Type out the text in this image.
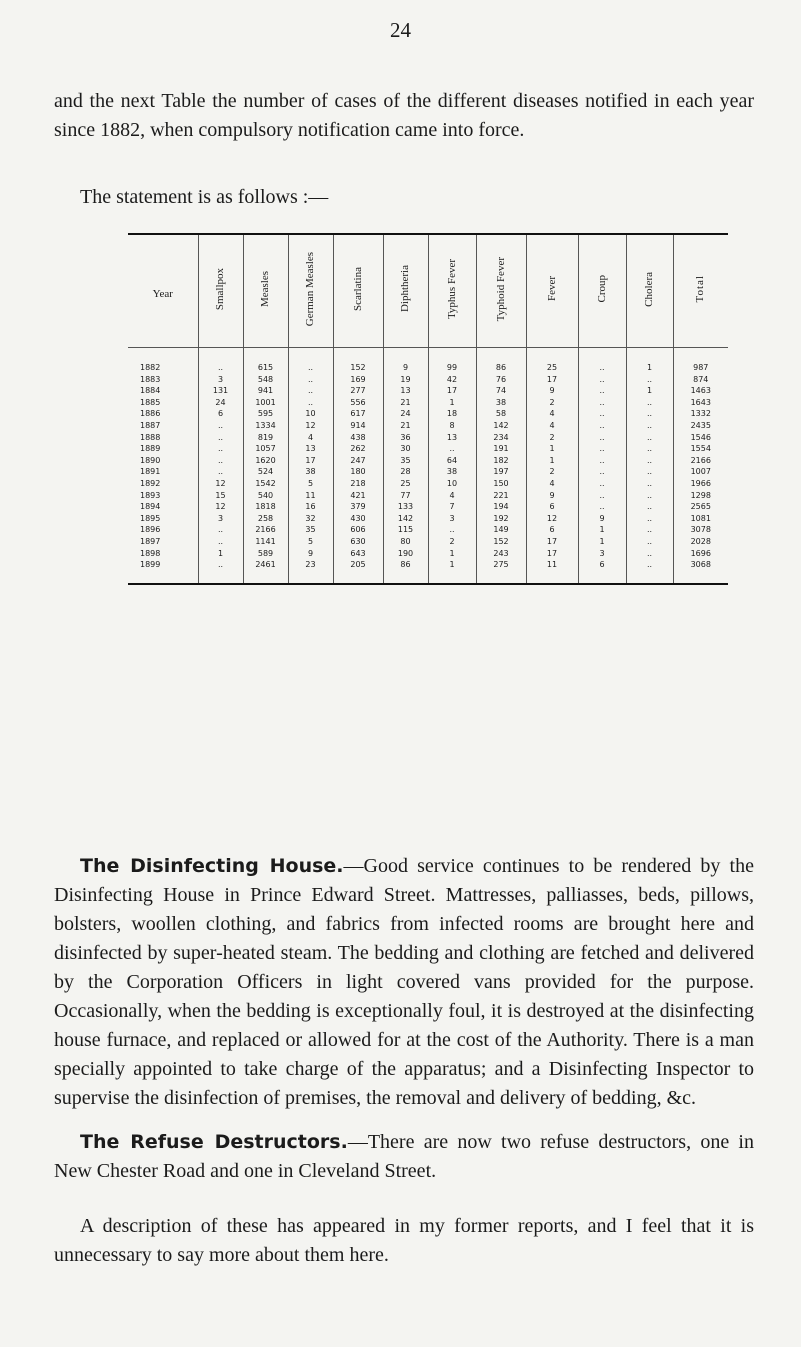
24

and the next Table the number of cases of the different diseases notified in each year since 1882, when compulsory notification came into force.

The statement is as follows :—

Year	Smallpox	Measles	German Measles	Scarlatina	Diphtheria	Typhus Fever	Typhoid Fever	Fever	Croup	Cholera	Total
1882	..	615	..	152	9	99	86	25	..	1	987
1883	3	548	..	169	19	42	76	17	..	..	874
1884	131	941	..	277	13	17	74	9	..	1	1463
1885	24	1001	..	556	21	1	38	2	..	..	1643
1886	6	595	10	617	24	18	58	4	..	..	1332
1887	..	1334	12	914	21	8	142	4	..	..	2435
1888	..	819	4	438	36	13	234	2	..	..	1546
1889	..	1057	13	262	30	..	191	1	..	..	1554
1890	..	1620	17	247	35	64	182	1	..	..	2166
1891	..	524	38	180	28	38	197	2	..	..	1007
1892	12	1542	5	218	25	10	150	4	..	..	1966
1893	15	540	11	421	77	4	221	9	..	..	1298
1894	12	1818	16	379	133	7	194	6	..	..	2565
1895	3	258	32	430	142	3	192	12	9	..	1081
1896	..	2166	35	606	115	..	149	6	1	..	3078
1897	..	1141	5	630	80	2	152	17	1	..	2028
1898	1	589	9	643	190	1	243	17	3	..	1696
1899	..	2461	23	205	86	1	275	11	6	..	3068

The Disinfecting House.—Good service continues to be rendered by the Disinfecting House in Prince Edward Street. Mattresses, palliasses, beds, pillows, bolsters, woollen clothing, and fabrics from infected rooms are brought here and disinfected by super-heated steam. The bedding and clothing are fetched and delivered by the Corporation Officers in light covered vans provided for the purpose. Occasionally, when the bedding is exceptionally foul, it is destroyed at the disinfecting house furnace, and replaced or allowed for at the cost of the Authority. There is a man specially appointed to take charge of the apparatus; and a Disinfecting Inspector to supervise the disinfection of premises, the removal and delivery of bedding, &c.

The Refuse Destructors.—There are now two refuse destructors, one in New Chester Road and one in Cleveland Street.

A description of these has appeared in my former reports, and I feel that it is unnecessary to say more about them here.
